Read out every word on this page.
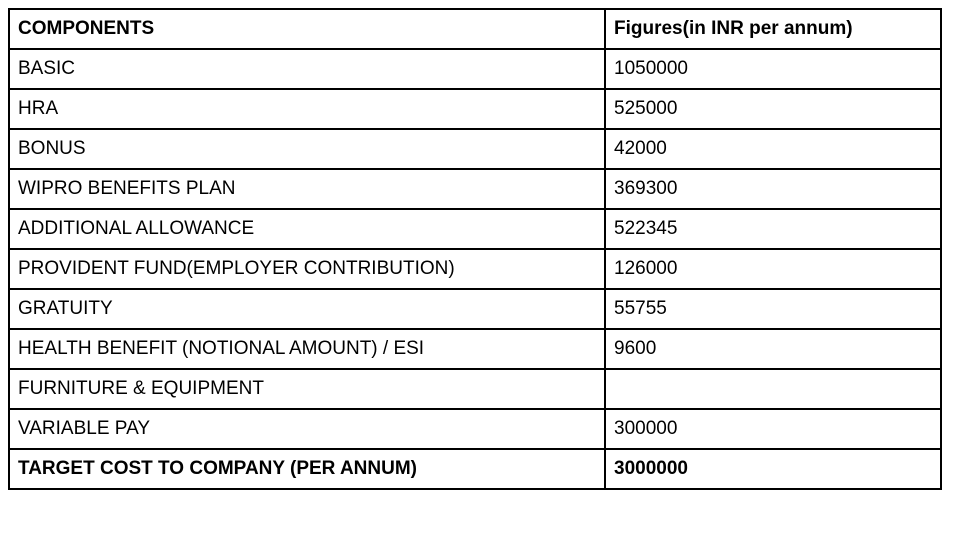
COMPONENTS	Figures(in INR per annum)
BASIC	1050000
HRA	525000
BONUS	42000
WIPRO BENEFITS PLAN	369300
ADDITIONAL ALLOWANCE	522345
PROVIDENT FUND(EMPLOYER CONTRIBUTION)	126000
GRATUITY	55755
HEALTH BENEFIT (NOTIONAL AMOUNT) / ESI	9600
FURNITURE & EQUIPMENT	
VARIABLE PAY	300000
TARGET COST TO COMPANY (PER ANNUM)	3000000
